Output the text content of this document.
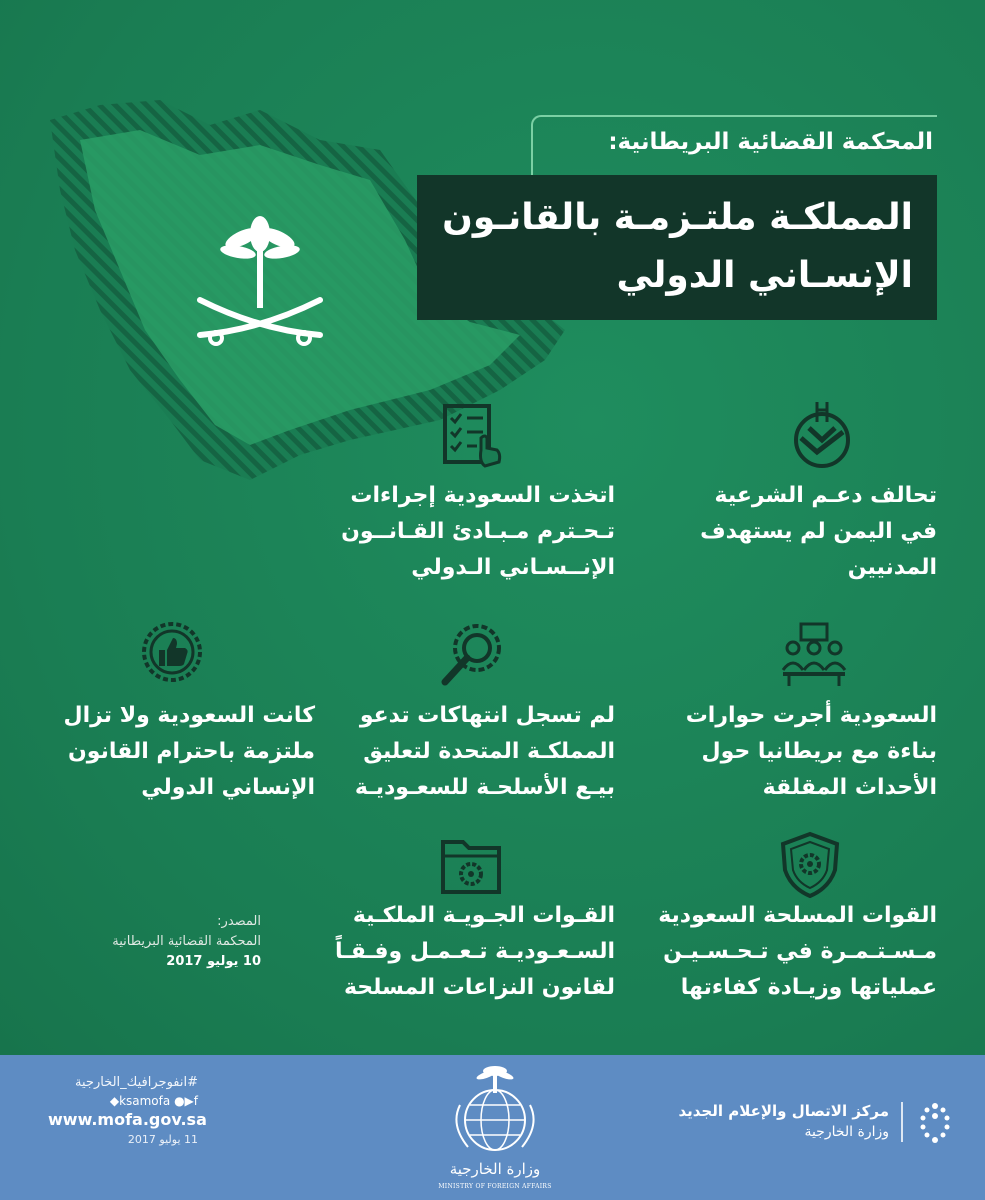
المحكمة القضائية البريطانية:
المملكـة ملتـزمـة بالقانـون
الإنسـاني الدولي
تحالف دعـم الشرعية
في اليمن لم يستهدف
المدنيين
اتخذت السعودية إجراءات
تـحـترم مـبـادئ القـانــون
الإنــسـاني الـدولي
السعودية أجرت حوارات
بناءة مع بريطانيا حول
الأحداث المقلقة
لم تسجل انتهاكات تدعو
المملكـة المتحدة لتعليق
بيـع الأسلحـة للسعـوديـة
كانت السعودية ولا تزال
ملتزمة باحترام القانون
الإنساني الدولي
القوات المسلحة السعودية
مـسـتـمـرة في تـحـسـيـن
عملياتها وزيـادة كفاءتها
القـوات الجـويـة الملكـية
السـعـوديـة تـعـمـل وفـقـاً
لقانون النزاعات المسلحة
المصدر:
المحكمة القضائية البريطانية
10 يوليو 2017
#انفوجرافيك_الخارجية
ksamofa ●▶f◆
www.mofa.gov.sa
11 يوليو 2017
وزارة الخارجية
MINISTRY OF FOREIGN AFFAIRS
مركز الاتصال والإعلام الجديد
وزارة الخارجية
